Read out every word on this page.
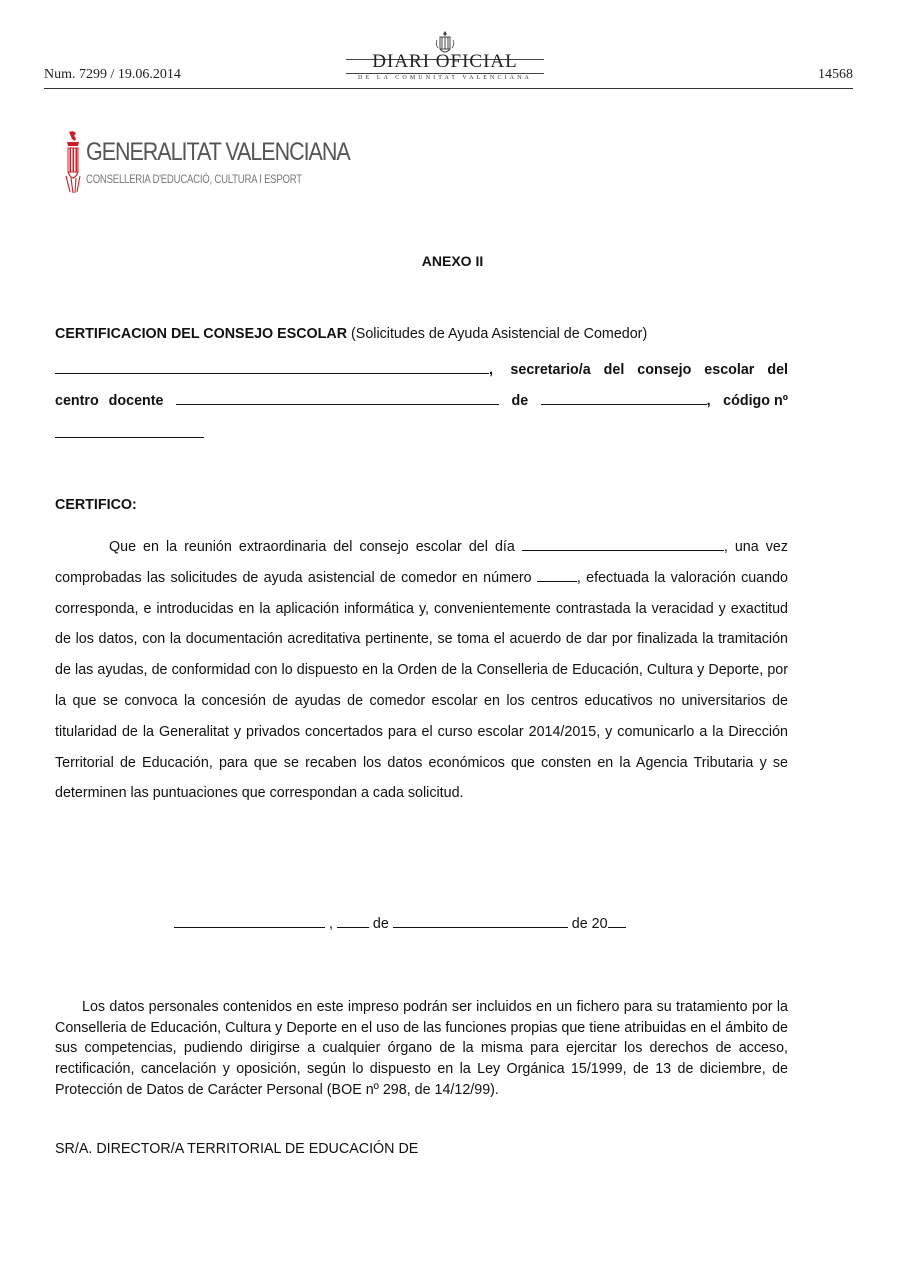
Num. 7299 / 19.06.2014
DIARI OFICIAL
DE LA COMUNITAT VALENCIANA	14568
GENERALITAT VALENCIANA
CONSELLERIA D'EDUCACIÓ, CULTURA I ESPORT
ANEXO II
CERTIFICACION DEL CONSEJO ESCOLAR (Solicitudes de Ayuda Asistencial de Comedor)
, secretario/a del consejo escolar del
centro docente	de	, código nº
CERTIFICO:
Que en la reunión extraordinaria del consejo escolar del día	, una vez comprobadas las solicitudes de ayuda asistencial de comedor en número	, efectuada la valoración cuando corresponda, e introducidas en la aplicación informática y, convenientemente contrastada la veracidad y exactitud de los datos, con la documentación acreditativa pertinente, se toma el acuerdo de dar por finalizada la tramitación de las ayudas, de conformidad con lo dispuesto en la Orden de la Conselleria de Educación, Cultura y Deporte, por la que se convoca la concesión de ayudas de comedor escolar en los centros educativos no universitarios de titularidad de la Generalitat y privados concertados para el curso escolar 2014/2015, y comunicarlo a la Dirección Territorial de Educación, para que se recaben los datos económicos que consten en la Agencia Tributaria y se determinen las puntuaciones que correspondan a cada solicitud.
,  de	de 20
Los datos personales contenidos en este impreso podrán ser incluidos en un fichero para su tratamiento por la Conselleria de Educación, Cultura y Deporte en el uso de las funciones propias que tiene atribuidas en el ámbito de sus competencias, pudiendo dirigirse a cualquier órgano de la misma para ejercitar los derechos de acceso, rectificación, cancelación y oposición, según lo dispuesto en la Ley Orgánica 15/1999, de 13 de diciembre, de Protección de Datos de Carácter Personal (BOE nº 298, de 14/12/99).
SR/A. DIRECTOR/A TERRITORIAL DE EDUCACIÓN DE
